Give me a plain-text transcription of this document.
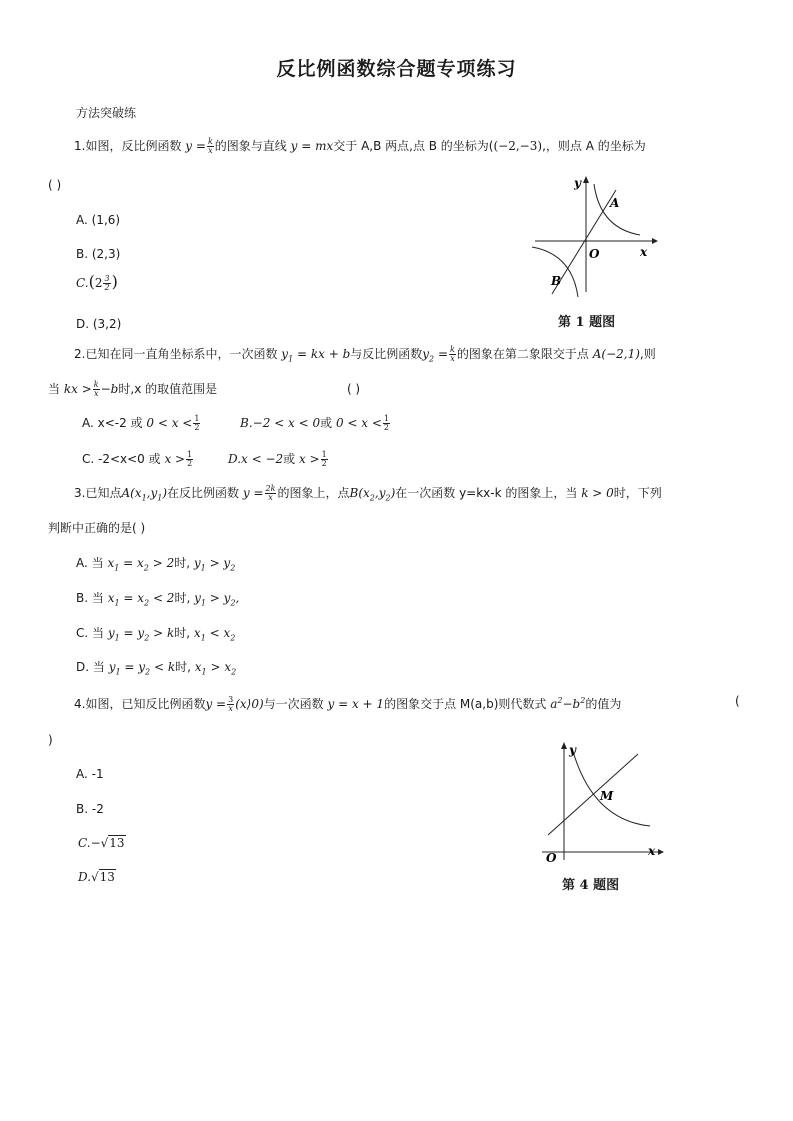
反比例函数综合题专项练习
方法突破练
1.如图，反比例函数 $y = \frac{k}{x}$ 的图象与直线 y = mx交于 A,B 两点,点 B 的坐标为((−2,−3),，则点 A 的坐标为
( )
A. (1,6)
B. (2,3)
$C.(2 \frac{3}{2}$ )
D. (3,2)
y
x
O
A
B
第 1 题图
2.已知在同一直角坐标系中，一次函数 $y_1$ = kx + b与反比例函数$y_2 = \frac{k}{x}$ 的图象在第二象限交于点 A(−2,1),则
当 kx > $\frac{k}{x} -b$时,x 的取值范围是	( )
A. x<-2 或 $0 < x < \frac{1}{2}$	B.−2 < x < 0或 $0 < x < \frac{1}{2}$
C. -2<x<0 或 $x > \frac{1}{2}$	D.x < −2或 $x > \frac{1}{2}$
3.已知点$A(x_1,y_1)$在反比例函数 $y = \frac{2k}{x}$ 的图象上，点$B(x_2,y_2)$在一次函数 y=kx-k 的图象上，当 k > 0时，下列
判断中正确的是( )
A. 当 $x_1 = x_2 > 2$时, $y_1 > y_2$
B. 当 $x_1 = x_2 < 2$时, $y_1 > y_2$,
C. 当 $y_1 = y_2 > k$时, $x_1 < x_2$
D. 当 $y_1 = y_2 < k$时, $x_1 > x_2$
4.如图，已知反比例函数$y = \frac{3}{x}$ (x⟩0)与一次函数 y = x + 1的图象交于点 M(a,b)则代数式 $a^2-b^2$的值为	(
)
A. -1
B. -2
C.−√13
D.√13
y
x
O
M
第 4 题图
